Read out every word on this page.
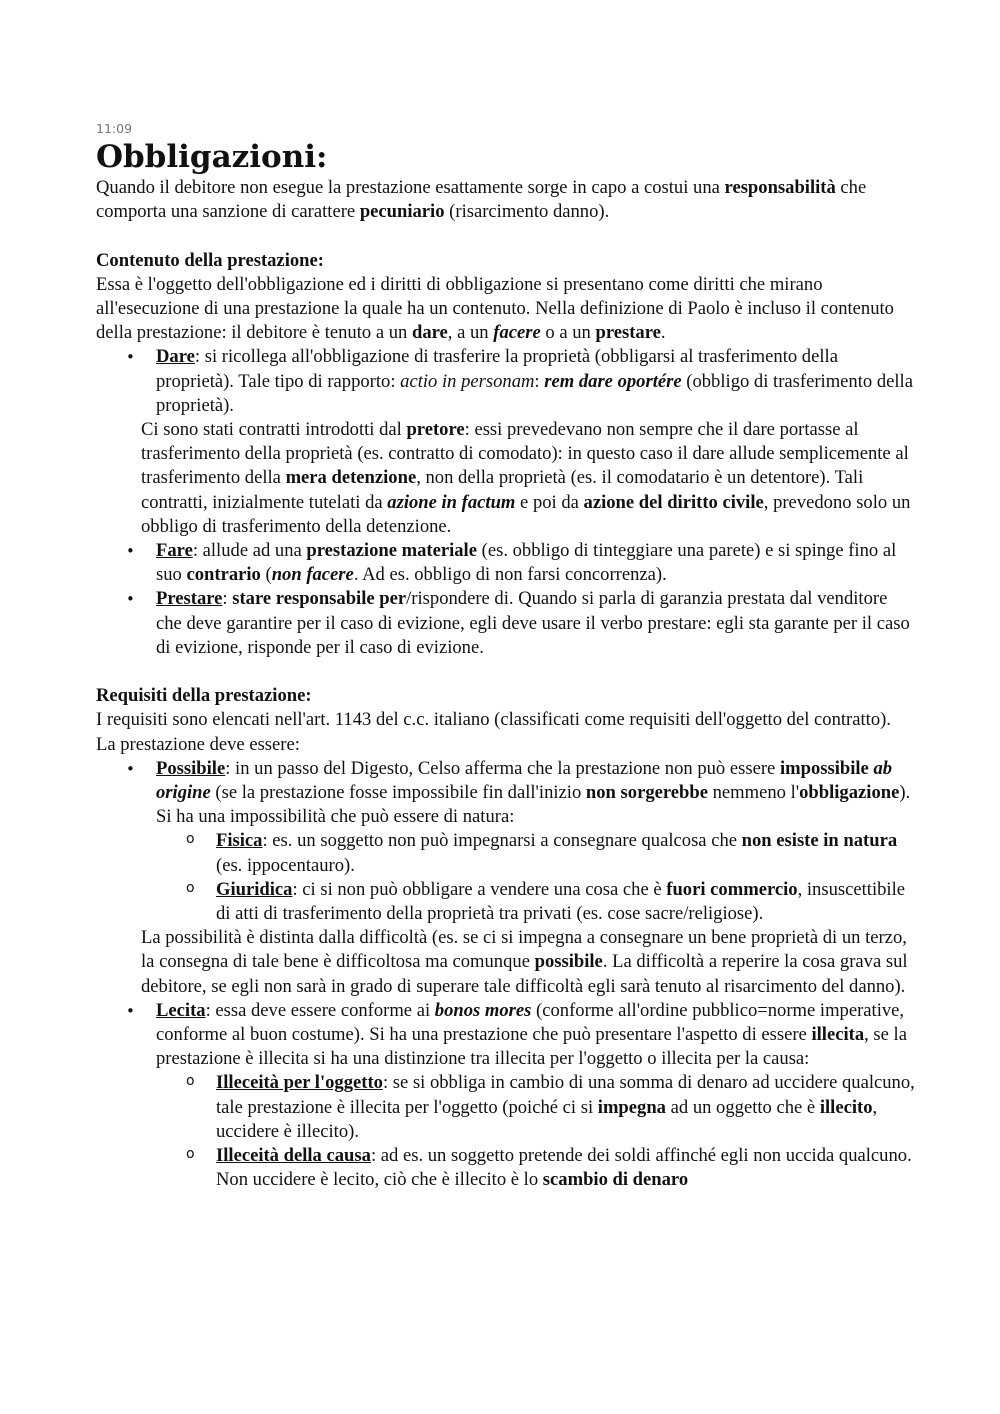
11:09
Obbligazioni:

Quando il debitore non esegue la prestazione esattamente sorge in capo a costui una responsabilità che comporta una sanzione di carattere pecuniario (risarcimento danno).

Contenuto della prestazione:

Essa è l'oggetto dell'obbligazione ed i diritti di obbligazione si presentano come diritti che mirano all'esecuzione di una prestazione la quale ha un contenuto. Nella definizione di Paolo è incluso il contenuto della prestazione: il debitore è tenuto a un dare, a un facere o a un prestare.

• Dare: si ricollega all'obbligazione di trasferire la proprietà (obbligarsi al trasferimento della proprietà). Tale tipo di rapporto: actio in personam: rem dare oportére (obbligo di trasferimento della proprietà).

Ci sono stati contratti introdotti dal pretore: essi prevedevano non sempre che il dare portasse al trasferimento della proprietà (es. contratto di comodato): in questo caso il dare allude semplicemente al trasferimento della mera detenzione, non della proprietà (es. il comodatario è un detentore). Tali contratti, inizialmente tutelati da azione in factum e poi da azione del diritto civile, prevedono solo un obbligo di trasferimento della detenzione.

• Fare: allude ad una prestazione materiale (es. obbligo di tinteggiare una parete) e si spinge fino al suo contrario (non facere. Ad es. obbligo di non farsi concorrenza).
• Prestare: stare responsabile per/rispondere di. Quando si parla di garanzia prestata dal venditore che deve garantire per il caso di evizione, egli deve usare il verbo prestare: egli sta garante per il caso di evizione, risponde per il caso di evizione.

Requisiti della prestazione:

I requisiti sono elencati nell'art. 1143 del c.c. italiano (classificati come requisiti dell'oggetto del contratto).

La prestazione deve essere:

• Possibile: in un passo del Digesto, Celso afferma che la prestazione non può essere impossibile ab origine (se la prestazione fosse impossibile fin dall'inizio non sorgerebbe nemmeno l'obbligazione). Si ha una impossibilità che può essere di natura:
o Fisica: es. un soggetto non può impegnarsi a consegnare qualcosa che non esiste in natura (es. ippocentauro).
o Giuridica: ci si non può obbligare a vendere una cosa che è fuori commercio, insuscettibile di atti di trasferimento della proprietà tra privati (es. cose sacre/religiose).

La possibilità è distinta dalla difficoltà (es. se ci si impegna a consegnare un bene proprietà di un terzo, la consegna di tale bene è difficoltosa ma comunque possibile. La difficoltà a reperire la cosa grava sul debitore, se egli non sarà in grado di superare tale difficoltà egli sarà tenuto al risarcimento del danno).

• Lecita: essa deve essere conforme ai bonos mores (conforme all'ordine pubblico=norme imperative, conforme al buon costume). Si ha una prestazione che può presentare l'aspetto di essere illecita, se la prestazione è illecita si ha una distinzione tra illecita per l'oggetto o illecita per la causa:
o Illeceità per l'oggetto: se si obbliga in cambio di una somma di denaro ad uccidere qualcuno, tale prestazione è illecita per l'oggetto (poiché ci si impegna ad un oggetto che è illecito, uccidere è illecito).
o Illeceità della causa: ad es. un soggetto pretende dei soldi affinché egli non uccida qualcuno. Non uccidere è lecito, ciò che è illecito è lo scambio di denaro
